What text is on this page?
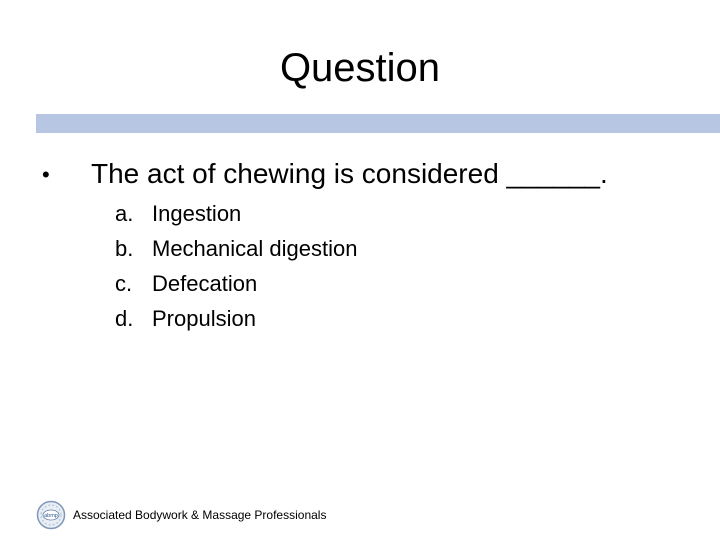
Question
• The act of chewing is considered ______.
a. Ingestion
b. Mechanical digestion
c. Defecation
d. Propulsion
abmp Associated Bodywork & Massage Professionals
